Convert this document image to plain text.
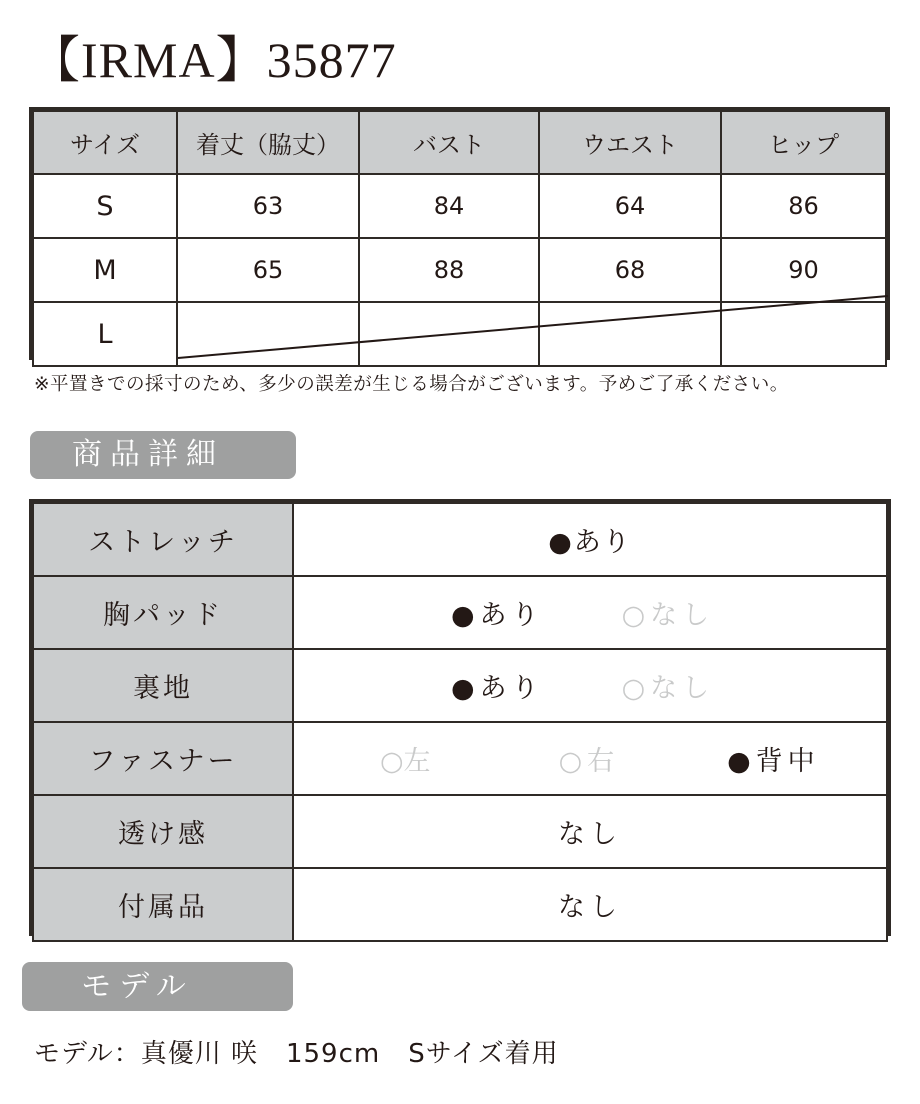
【IRMA】35877
サイズ	着丈（脇丈）	バスト	ウエスト	ヒップ
S	63	84	64	86
M	65	88	68	90
L				
※平置きでの採寸のため、多少の誤差が生じる場合がございます。予めご了承ください。
商品詳細
ストレッチ	●あり

胸パッド	●あり ○なし

裏地	●あり ○なし

ファスナー	○左 ○右 ●背中

透け感	なし

付属品	なし
モデル
モデル：真優川 咲 159cm Sサイズ着用
